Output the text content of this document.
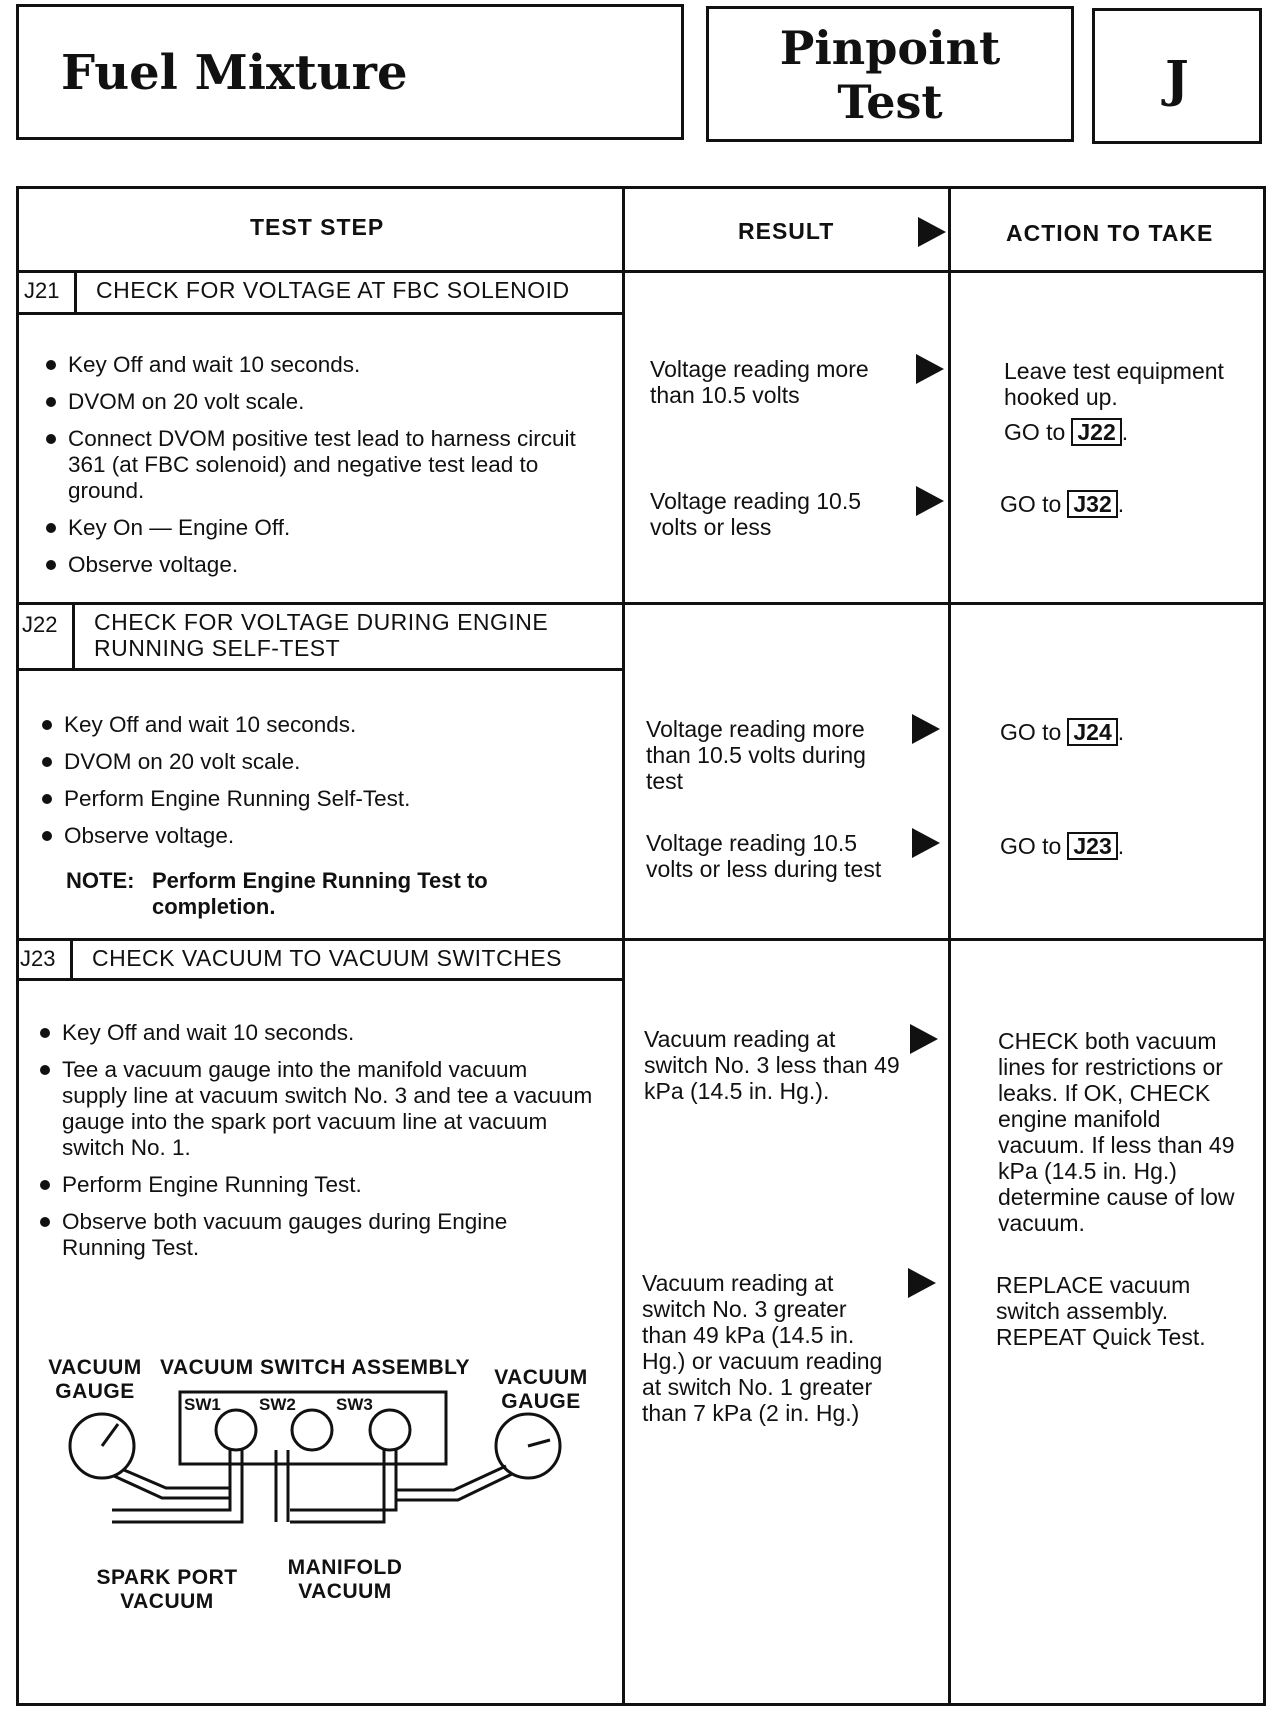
Fuel Mixture	Pinpoint
Test	J
TEST STEP	RESULT	ACTION TO TAKE
J21 CHECK FOR VOLTAGE AT FBC SOLENOID
Key Off and wait 10 seconds.
DVOM on 20 volt scale.
Connect DVOM positive test lead to harness circuit 361 (at FBC solenoid) and negative test lead to ground.
Key On — Engine Off.
Observe voltage.
Voltage reading more than 10.5 volts
Leave test equipment hooked up.
GO to J22 .
Voltage reading 10.5 volts or less
GO to J32 .
J22 CHECK FOR VOLTAGE DURING ENGINE
RUNNING SELF-TEST
Key Off and wait 10 seconds.
DVOM on 20 volt scale.
Perform Engine Running Self-Test.
Observe voltage.
NOTE: Perform Engine Running Test to completion.
Voltage reading more than 10.5 volts during test
GO to J24 .
Voltage reading 10.5 volts or less during test
GO to J23 .
J23 CHECK VACUUM TO VACUUM SWITCHES
Key Off and wait 10 seconds.
Tee a vacuum gauge into the manifold vacuum supply line at vacuum switch No. 3 and tee a vacuum gauge into the spark port vacuum line at vacuum switch No. 1.
Perform Engine Running Test.
Observe both vacuum gauges during Engine Running Test.
Vacuum reading at switch No. 3 less than 49 kPa (14.5 in. Hg.).
CHECK both vacuum lines for restrictions or leaks. If OK, CHECK engine manifold vacuum. If less than 49 kPa (14.5 in. Hg.) determine cause of low vacuum.
Vacuum reading at switch No. 3 greater than 49 kPa (14.5 in. Hg.) or vacuum reading at switch No. 1 greater than 7 kPa (2 in. Hg.)
REPLACE vacuum switch assembly. REPEAT Quick Test.
VACUUM GAUGE
VACUUM SWITCH ASSEMBLY	VACUUM GAUGE
SPARK PORT VACUUM
MANIFOLD VACUUM
SW1 SW2 SW3
